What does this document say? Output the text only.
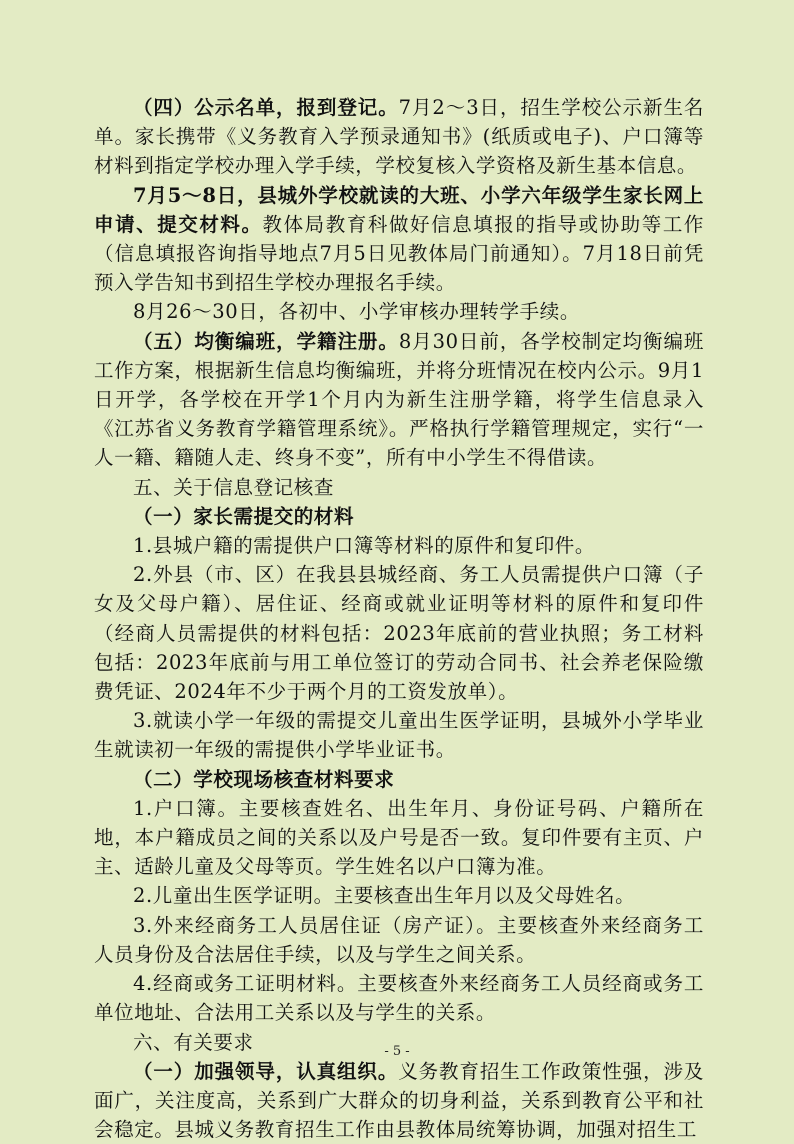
（四）公示名单，报到登记。7月2～3日，招生学校公示新生名单。家长携带《义务教育入学预录通知书》(纸质或电子)、户口簿等材料到指定学校办理入学手续，学校复核入学资格及新生基本信息。

7月5～8日，县城外学校就读的大班、小学六年级学生家长网上申请、提交材料。教体局教育科做好信息填报的指导或协助等工作（信息填报咨询指导地点7月5日见教体局门前通知）。7月18日前凭预入学告知书到招生学校办理报名手续。

8月26～30日，各初中、小学审核办理转学手续。

（五）均衡编班，学籍注册。8月30日前，各学校制定均衡编班工作方案，根据新生信息均衡编班，并将分班情况在校内公示。9月1日开学，各学校在开学1个月内为新生注册学籍，将学生信息录入《江苏省义务教育学籍管理系统》。严格执行学籍管理规定，实行“一人一籍、籍随人走、终身不变”，所有中小学生不得借读。

五、关于信息登记核查

（一）家长需提交的材料

1.县城户籍的需提供户口簿等材料的原件和复印件。

2.外县（市、区）在我县县城经商、务工人员需提供户口簿（子女及父母户籍）、居住证、经商或就业证明等材料的原件和复印件（经商人员需提供的材料包括：2023年底前的营业执照；务工材料包括：2023年底前与用工单位签订的劳动合同书、社会养老保险缴费凭证、2024年不少于两个月的工资发放单）。

3.就读小学一年级的需提交儿童出生医学证明，县城外小学毕业生就读初一年级的需提供小学毕业证书。

（二）学校现场核查材料要求

1.户口簿。主要核查姓名、出生年月、身份证号码、户籍所在地，本户籍成员之间的关系以及户号是否一致。复印件要有主页、户主、适龄儿童及父母等页。学生姓名以户口簿为准。

2.儿童出生医学证明。主要核查出生年月以及父母姓名。

3.外来经商务工人员居住证（房产证）。主要核查外来经商务工人员身份及合法居住手续，以及与学生之间关系。

4.经商或务工证明材料。主要核查外来经商务工人员经商或务工单位地址、合法用工关系以及与学生的关系。

六、有关要求

（一）加强领导，认真组织。义务教育招生工作政策性强，涉及面广，关注度高，关系到广大群众的切身利益，关系到教育公平和社会稳定。县城义务教育招生工作由县教体局统筹协调，加强对招生工

- 5 -
